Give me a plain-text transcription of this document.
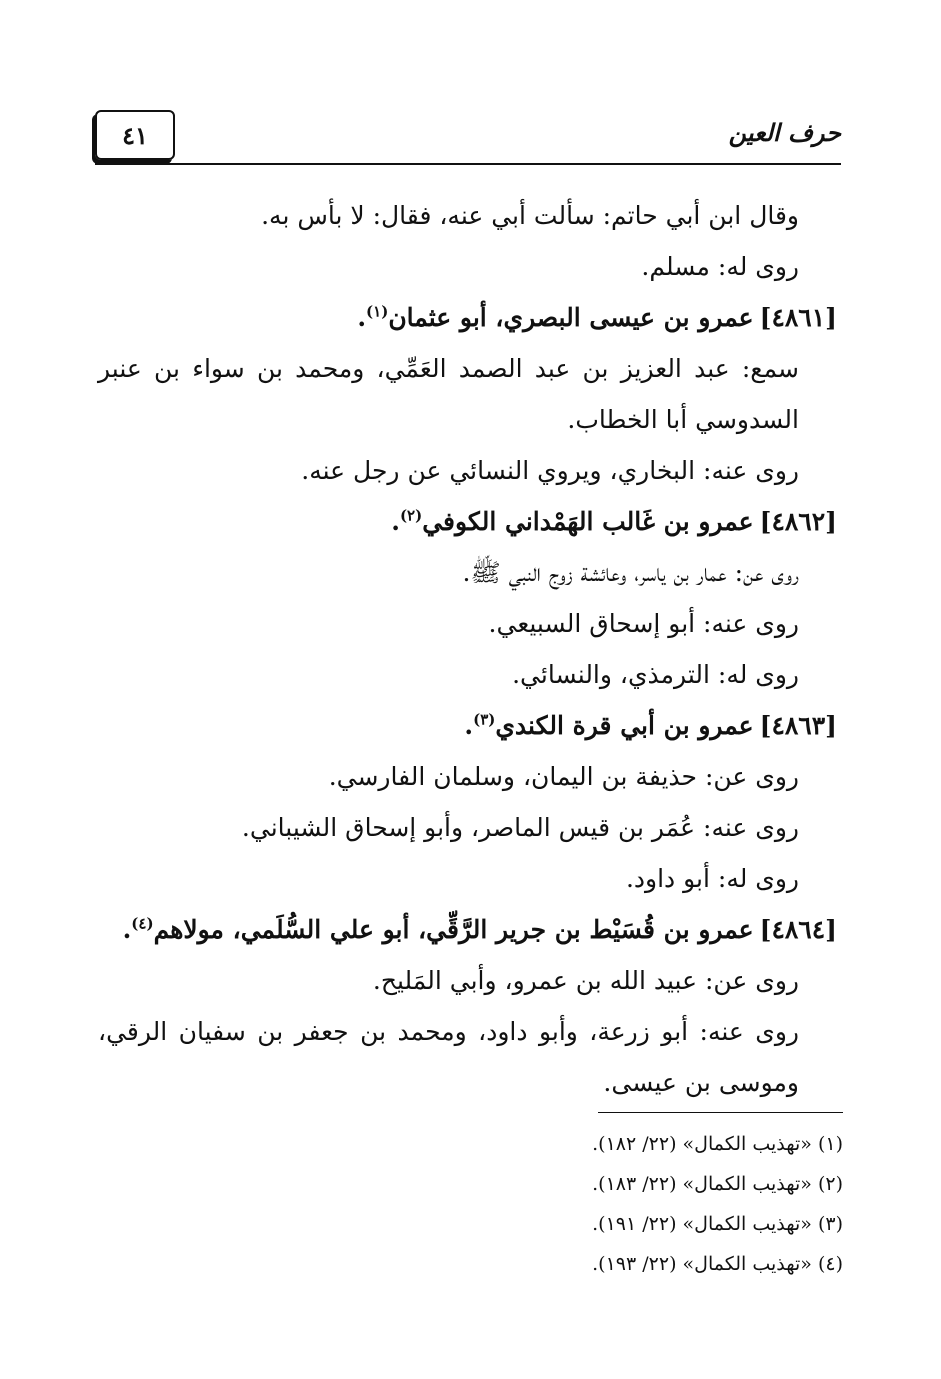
٤١	حرف العين
وقال ابن أبي حاتم: سألت أبي عنه، فقال: لا بأس به.
روى له: مسلم.
[٤٨٦١]عمرو بن عيسى البصري، أبو عثمان$^{(١)}$.
سمع: عبد العزيز بن عبد الصمد العَمِّي، ومحمد بن سواء بن عنبر السدوسي أبا الخطاب.
روى عنه: البخاري، ويروي النسائي عن رجل عنه.
[٤٨٦٢]عمرو بن غَالب الهَمْداني الكوفي$^{(٢)}$.
روى عن: عمار بن ياسر، وعائشة زوج النبي ﷺ.
روى عنه: أبو إسحاق السبيعي.
روى له: الترمذي، والنسائي.
[٤٨٦٣]عمرو بن أبي قرة الكندي$^{(٣)}$.
روى عن: حذيفة بن اليمان، وسلمان الفارسي.
روى عنه: عُمَر بن قيس الماصر، وأبو إسحاق الشيباني.
روى له: أبو داود.
[٤٨٦٤]عمرو بن قُسَيْط بن جرير الرَّقِّي، أبو علي السُّلَمي، مولاهم$^{(٤)}$.
روى عن: عبيد الله بن عمرو، وأبي المَليح.
روى عنه: أبو زرعة، وأبو داود، ومحمد بن جعفر بن سفيان الرقي، وموسى بن عيسى.
(١) «تهذيب الكمال» (٢٢/ ١٨٢).
(٢) «تهذيب الكمال» (٢٢/ ١٨٣).
(٣) «تهذيب الكمال» (٢٢/ ١٩١).
(٤) «تهذيب الكمال» (٢٢/ ١٩٣).
